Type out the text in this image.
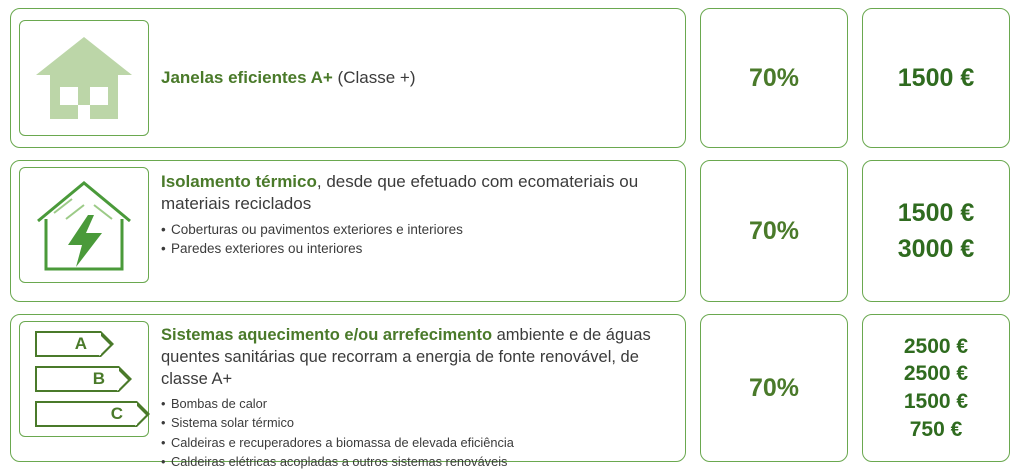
Janelas eficientes A+ (Classe +)	70%	1500 €
Isolamento térmico, desde que efetuado com ecomateriais ou materiais reciclados
• Coberturas ou pavimentos exteriores e interiores
• Paredes exteriores ou interiores
70%
1500 €
3000 €
A
B
C
Sistemas aquecimento e/ou arrefecimento ambiente e de águas quentes sanitárias que recorram a energia de fonte renovável, de classe A+
• Bombas de calor
• Sistema solar térmico
• Caldeiras e recuperadores a biomassa de elevada eficiência
• Caldeiras elétricas acopladas a outros sistemas renováveis
70%
2500 €
2500 €
1500 €
750 €
